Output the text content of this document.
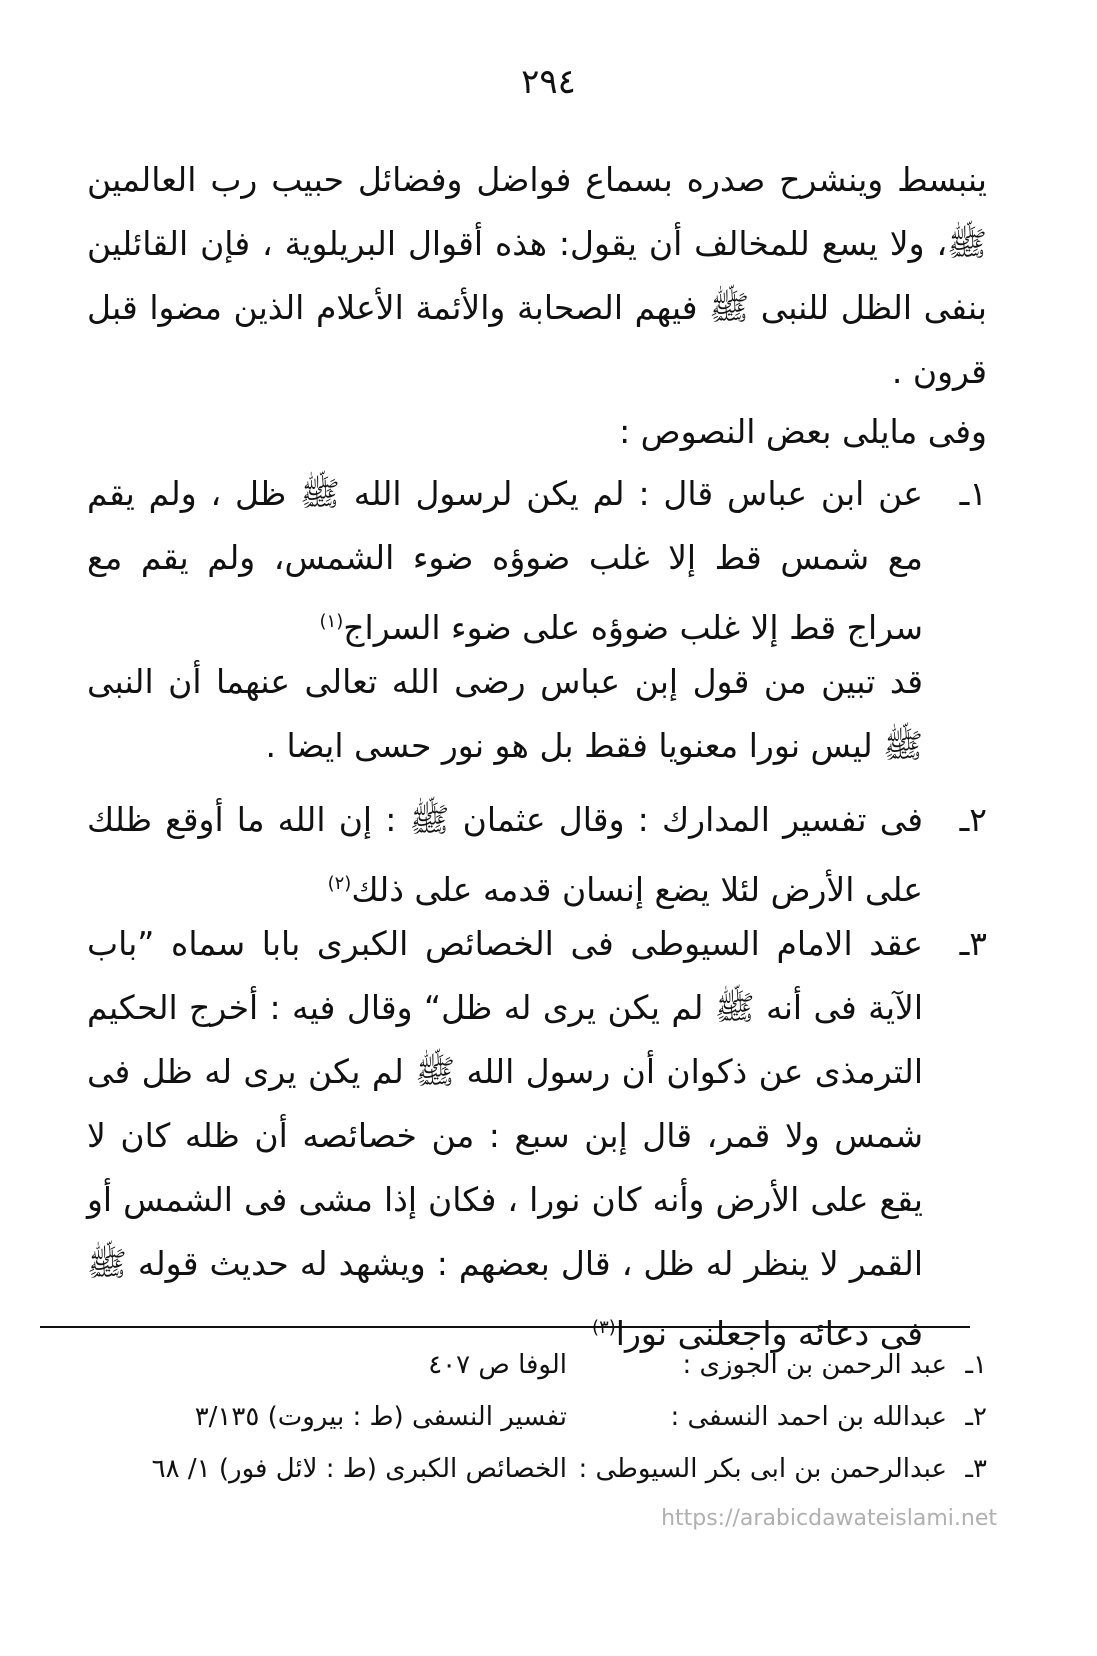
٢٩٤
ينبسط وينشرح صدره بسماع فواضل وفضائل حبيب رب العالمين ﷺ، ولا يسع للمخالف أن يقول: هذه أقوال البريلوية ، فإن القائلين بنفى الظل للنبى ﷺ فيهم الصحابة والأئمة الأعلام الذين مضوا قبل قرون .
وفى مايلى بعض النصوص :
١ـ
عن ابن عباس قال : لم يكن لرسول الله ﷺ ظل ، ولم يقم مع شمس قط إلا غلب ضوؤه ضوء الشمس، ولم يقم مع سراج قط إلا غلب ضوؤه على ضوء السراج$^{(١)}$
قد تبين من قول إبن عباس رضى الله تعالى عنهما أن النبى ﷺ ليس نورا معنويا فقط بل هو نور حسى ايضا .
٢ـ
فى تفسير المدارك : وقال عثمان ﷺ : إن الله ما أوقع ظلك على الأرض لئلا يضع إنسان قدمه على ذلك$^{(٢)}$
٣ـ
عقد الامام السيوطى فى الخصائص الكبرى بابا سماه ”باب الآية فى أنه ﷺ لم يكن يرى له ظل“ وقال فيه : أخرج الحكيم الترمذى عن ذكوان أن رسول الله ﷺ لم يكن يرى له ظل فى شمس ولا قمر، قال إبن سبع : من خصائصه أن ظله كان لا يقع على الأرض وأنه كان نورا ، فكان إذا مشى فى الشمس أو القمر لا ينظر له ظل ، قال بعضهم : ويشهد له حديث قوله ﷺ فى دعائه واجعلنى نورا$^{(٣)}$
١ـ
عبد الرحمن بن الجوزى :
الوفا ص ٤٠٧
٢ـ
عبدالله بن احمد النسفى :
تفسير النسفى (ط : بيروت) ٣/١٣٥
٣ـ
عبدالرحمن بن ابى بكر السيوطى :
الخصائص الكبرى (ط : لائل فور) ١/ ٦٨
https://arabicdawateislami.net
